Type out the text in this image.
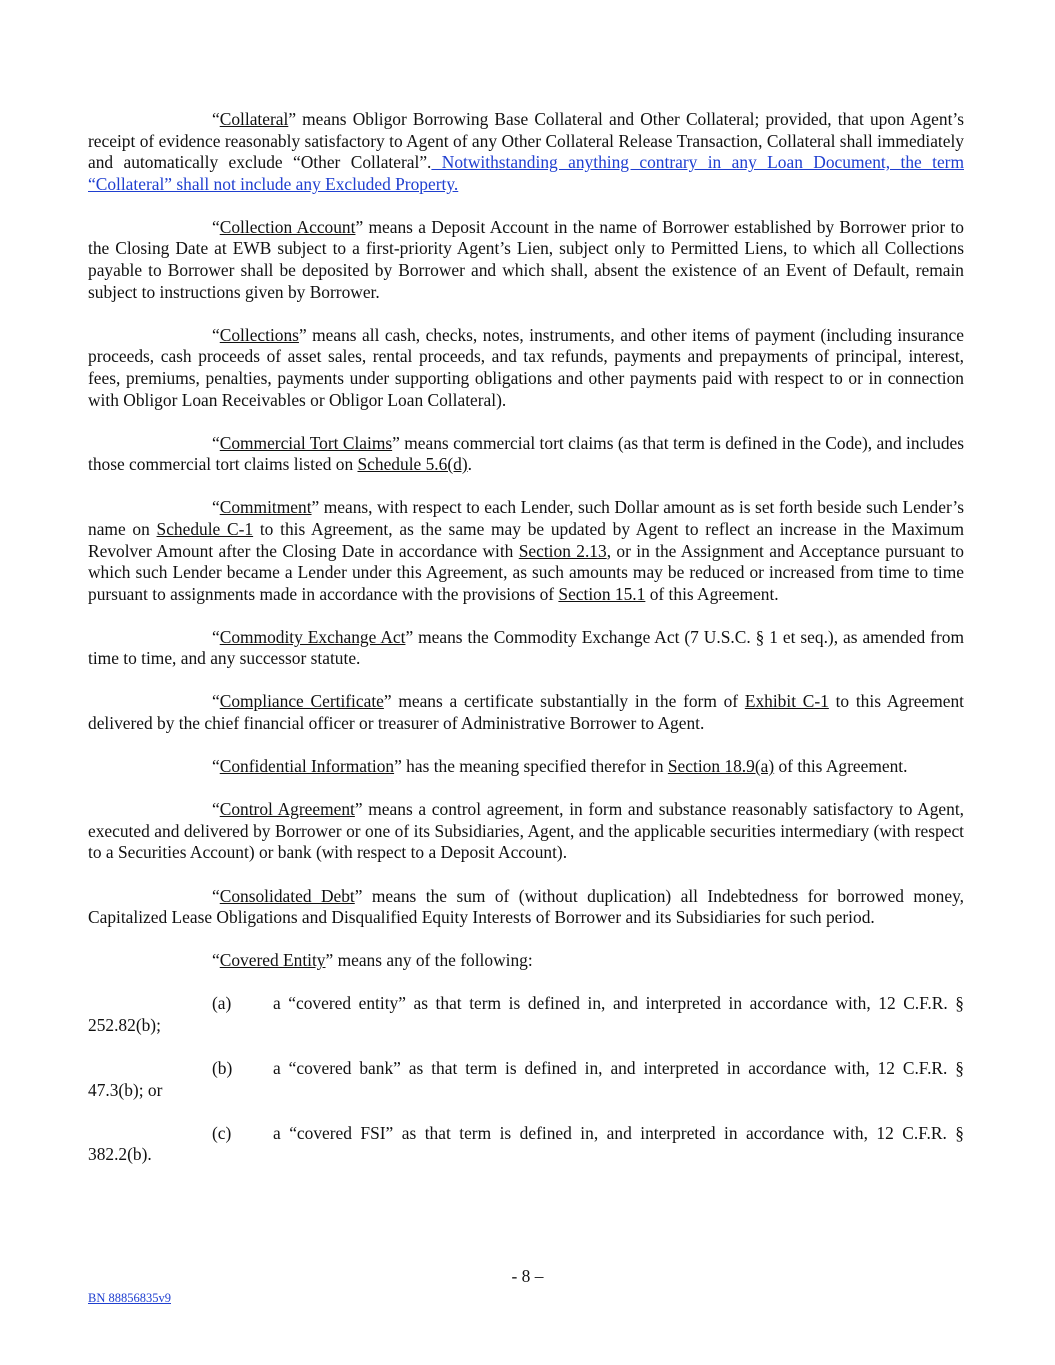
“Collateral” means Obligor Borrowing Base Collateral and Other Collateral; provided, that upon Agent’s receipt of evidence reasonably satisfactory to Agent of any Other Collateral Release Transaction, Collateral shall immediately and automatically exclude “Other Collateral”. Notwithstanding anything contrary in any Loan Document, the term “Collateral” shall not include any Excluded Property.

“Collection Account” means a Deposit Account in the name of Borrower established by Borrower prior to the Closing Date at EWB subject to a first-priority Agent’s Lien, subject only to Permitted Liens, to which all Collections payable to Borrower shall be deposited by Borrower and which shall, absent the existence of an Event of Default, remain subject to instructions given by Borrower.

“Collections” means all cash, checks, notes, instruments, and other items of payment (including insurance proceeds, cash proceeds of asset sales, rental proceeds, and tax refunds, payments and prepayments of principal, interest, fees, premiums, penalties, payments under supporting obligations and other payments paid with respect to or in connection with Obligor Loan Receivables or Obligor Loan Collateral).

“Commercial Tort Claims” means commercial tort claims (as that term is defined in the Code), and includes those commercial tort claims listed on Schedule 5.6(d).

“Commitment” means, with respect to each Lender, such Dollar amount as is set forth beside such Lender’s name on Schedule C-1 to this Agreement, as the same may be updated by Agent to reflect an increase in the Maximum Revolver Amount after the Closing Date in accordance with Section 2.13, or in the Assignment and Acceptance pursuant to which such Lender became a Lender under this Agreement, as such amounts may be reduced or increased from time to time pursuant to assignments made in accordance with the provisions of Section 15.1 of this Agreement.

“Commodity Exchange Act” means the Commodity Exchange Act (7 U.S.C. § 1 et seq.), as amended from time to time, and any successor statute.

“Compliance Certificate” means a certificate substantially in the form of Exhibit C-1 to this Agreement delivered by the chief financial officer or treasurer of Administrative Borrower to Agent.

“Confidential Information” has the meaning specified therefor in Section 18.9(a) of this Agreement.

“Control Agreement” means a control agreement, in form and substance reasonably satisfactory to Agent, executed and delivered by Borrower or one of its Subsidiaries, Agent, and the applicable securities intermediary (with respect to a Securities Account) or bank (with respect to a Deposit Account).

“Consolidated Debt” means the sum of (without duplication) all Indebtedness for borrowed money, Capitalized Lease Obligations and Disqualified Equity Interests of Borrower and its Subsidiaries for such period.

“Covered Entity” means any of the following:

(a)	a “covered entity” as that term is defined in, and interpreted in accordance with, 12 C.F.R. § 252.82(b);
(b)	a “covered bank” as that term is defined in, and interpreted in accordance with, 12 C.F.R. § 47.3(b); or
(c)	a “covered FSI” as that term is defined in, and interpreted in accordance with, 12 C.F.R. § 382.2(b).
- 8 –
BN 88856835v9
